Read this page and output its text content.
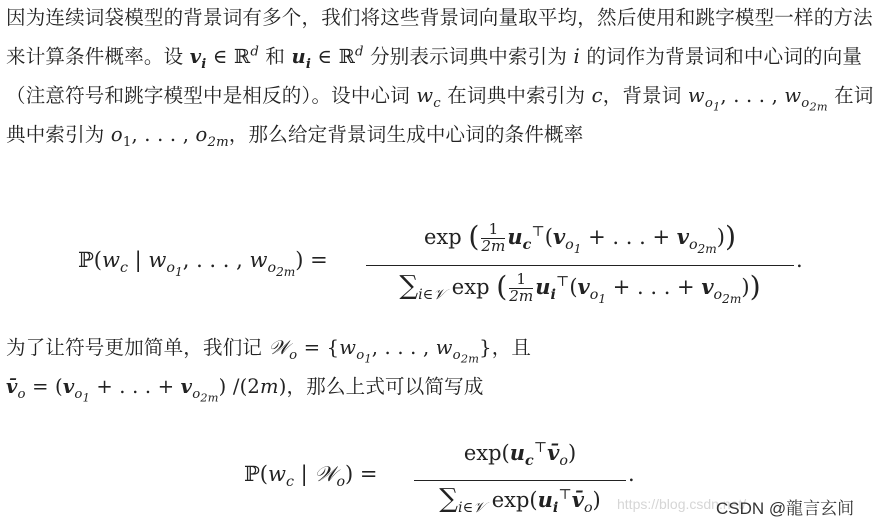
因为连续词袋模型的背景词有多个，我们将这些背景词向量取平均，然后使用和跳字模型一样的方法来计算条件概率。设 $v_i$ ∈ ℝ$^d$ 和 $u_i$ ∈ ℝ$^d$ 分别表示词典中索引为 i 的词作为背景词和中心词的向量（注意符号和跳字模型中是相反的）。设中心词 $w_c$ 在词典中索引为 c，背景词 $w_{o_1}$, . . . , $w_{o_{2m}}$ 在词典中索引为 $o_1$, . . . , $o_{2m}$，那么给定背景词生成中心词的条件概率
$ℙ(w_c$ | $w_{o_1}$, . . . , $w_{o_{2m}}$) =
exp ( $\frac{1}{2m} u_c^⊤(v_{o_1}$ + . . . + $v_{o_{2m}}$))
$\sum_{i\in 𝒱}$ exp ( $\frac{1}{2m} u_i^⊤(v_{o_1}$ + . . . + $v_{o_{2m}}$))
.
为了让符号更加简单，我们记 𝒲$_o$ = {$w_{o_1}$, . . . , $w_{o_{2m}}$}，且
$v̄_o = (v_{o_1}$ + . . . + $v_{o_{2m}}$) /(2m)，那么上式可以简写成
$ℙ(w_c$ | 𝒲$_o$) =
$\exp(u_c^⊤v̄_o)$
$\sum_{i\in 𝒱}$ $\exp(u_i^⊤v̄_o)$
.
https://blog.csdn.net/
CSDN @龍言玄间
